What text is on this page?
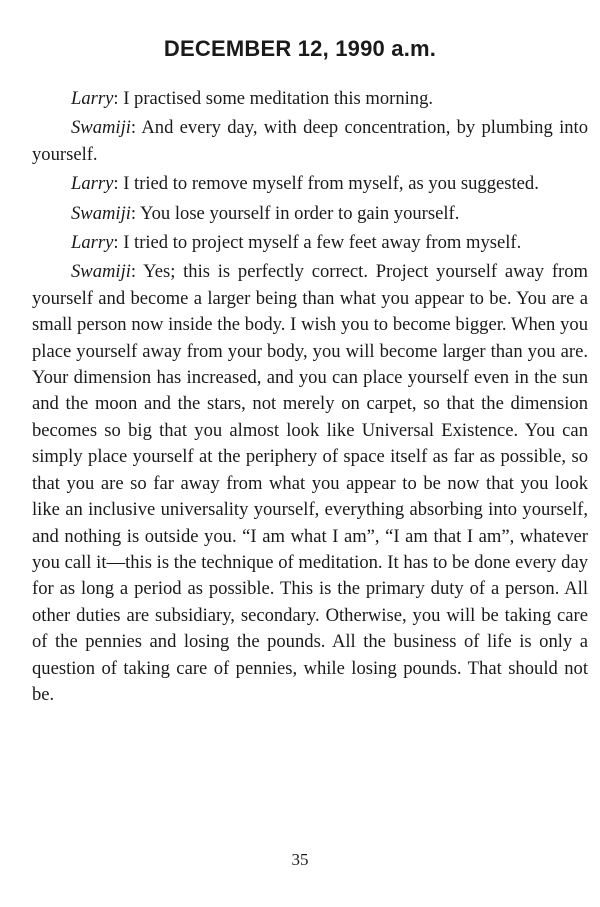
DECEMBER 12, 1990 a.m.

Larry: I practised some meditation this morning.

Swamiji: And every day, with deep concentration, by plumbing into yourself.

Larry: I tried to remove myself from myself, as you suggested.

Swamiji: You lose yourself in order to gain yourself.

Larry: I tried to project myself a few feet away from myself.

Swamiji: Yes; this is perfectly correct. Project yourself away from yourself and become a larger being than what you appear to be. You are a small person now inside the body. I wish you to become bigger. When you place yourself away from your body, you will become larger than you are. Your dimension has increased, and you can place yourself even in the sun and the moon and the stars, not merely on carpet, so that the dimension becomes so big that you almost look like Universal Existence. You can simply place yourself at the periphery of space itself as far as possible, so that you are so far away from what you appear to be now that you look like an inclusive universality yourself, everything absorbing into yourself, and nothing is outside you. “I am what I am”, “I am that I am”, whatever you call it—this is the technique of meditation. It has to be done every day for as long a period as possible. This is the primary duty of a person. All other duties are subsidiary, secondary. Otherwise, you will be taking care of the pennies and losing the pounds. All the business of life is only a question of taking care of pennies, while losing pounds. That should not be.

35
